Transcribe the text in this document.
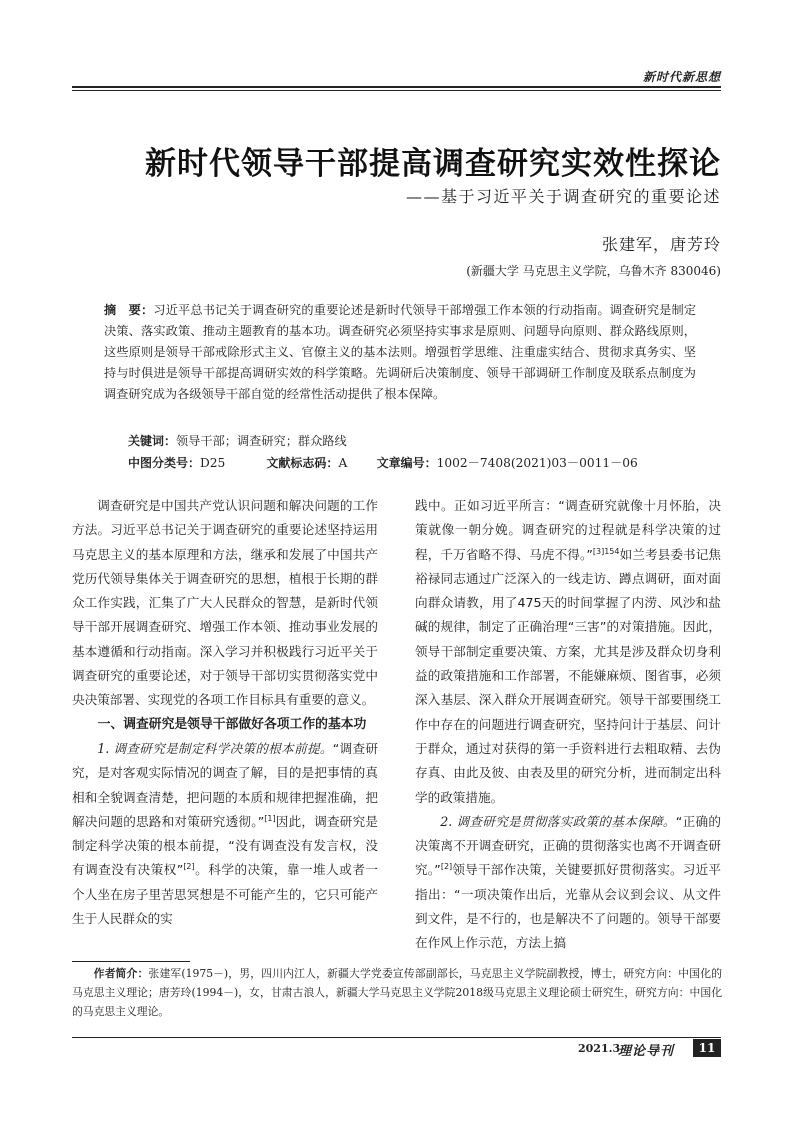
新时代新思想
新时代领导干部提高调查研究实效性探论
——基于习近平关于调查研究的重要论述
张建军，唐芳玲
(新疆大学 马克思主义学院，乌鲁木齐 830046)
摘　要：习近平总书记关于调查研究的重要论述是新时代领导干部增强工作本领的行动指南。调查研究是制定决策、落实政策、推动主题教育的基本功。调查研究必须坚持实事求是原则、问题导向原则、群众路线原则，这些原则是领导干部戒除形式主义、官僚主义的基本法则。增强哲学思维、注重虚实结合、贯彻求真务实、坚持与时俱进是领导干部提高调研实效的科学策略。先调研后决策制度、领导干部调研工作制度及联系点制度为调查研究成为各级领导干部自觉的经常性活动提供了根本保障。
关键词：领导干部；调查研究；群众路线
中图分类号：D25	文献标志码：A 文章编号：1002－7408(2021)03－0011－06

调查研究是中国共产党认识问题和解决问题的工作方法。习近平总书记关于调查研究的重要论述坚持运用马克思主义的基本原理和方法，继承和发展了中国共产党历代领导集体关于调查研究的思想，植根于长期的群众工作实践，汇集了广大人民群众的智慧，是新时代领导干部开展调查研究、增强工作本领、推动事业发展的基本遵循和行动指南。深入学习并积极践行习近平关于调查研究的重要论述，对于领导干部切实贯彻落实党中央决策部署、实现党的各项工作目标具有重要的意义。

一、调查研究是领导干部做好各项工作的基本功

1. 调查研究是制定科学决策的根本前提。“调查研究，是对客观实际情况的调查了解，目的是把事情的真相和全貌调查清楚，把问题的本质和规律把握准确，把解决问题的思路和对策研究透彻。”[1]因此，调查研究是制定科学决策的根本前提，“没有调查没有发言权，没有调查没有决策权”[2]。科学的决策，靠一堆人或者一个人坐在房子里苦思冥想是不可能产生的，它只可能产生于人民群众的实

践中。正如习近平所言：“调查研究就像十月怀胎，决策就像一朝分娩。调查研究的过程就是科学决策的过程，千万省略不得、马虎不得。”$^{[3]154}$如兰考县委书记焦裕禄同志通过广泛深入的一线走访、蹲点调研，面对面向群众请教，用了475天的时间掌握了内涝、风沙和盐碱的规律，制定了正确治理“三害”的对策措施。因此，领导干部制定重要决策、方案，尤其是涉及群众切身利益的政策措施和工作部署，不能嫌麻烦、图省事，必须深入基层、深入群众开展调查研究。领导干部要围绕工作中存在的问题进行调查研究，坚持问计于基层、问计于群众，通过对获得的第一手资料进行去粗取精、去伪存真、由此及彼、由表及里的研究分析，进而制定出科学的政策措施。

2. 调查研究是贯彻落实政策的基本保障。“正确的决策离不开调查研究，正确的贯彻落实也离不开调查研究。”[2]领导干部作决策，关键要抓好贯彻落实。习近平指出：“一项决策作出后，光靠从会议到会议、从文件到文件，是不行的，也是解决不了问题的。领导干部要在作风上作示范，方法上搞

作者简介：张建军(1975－)，男，四川内江人，新疆大学党委宣传部副部长，马克思主义学院副教授，博士，研究方向：中国化的马克思主义理论；唐芳玲(1994－)，女，甘肃古浪人，新疆大学马克思主义学院2018级马克思主义理论硕士研究生，研究方向：中国化的马克思主义理论。
2021.3
理论导刊	11
